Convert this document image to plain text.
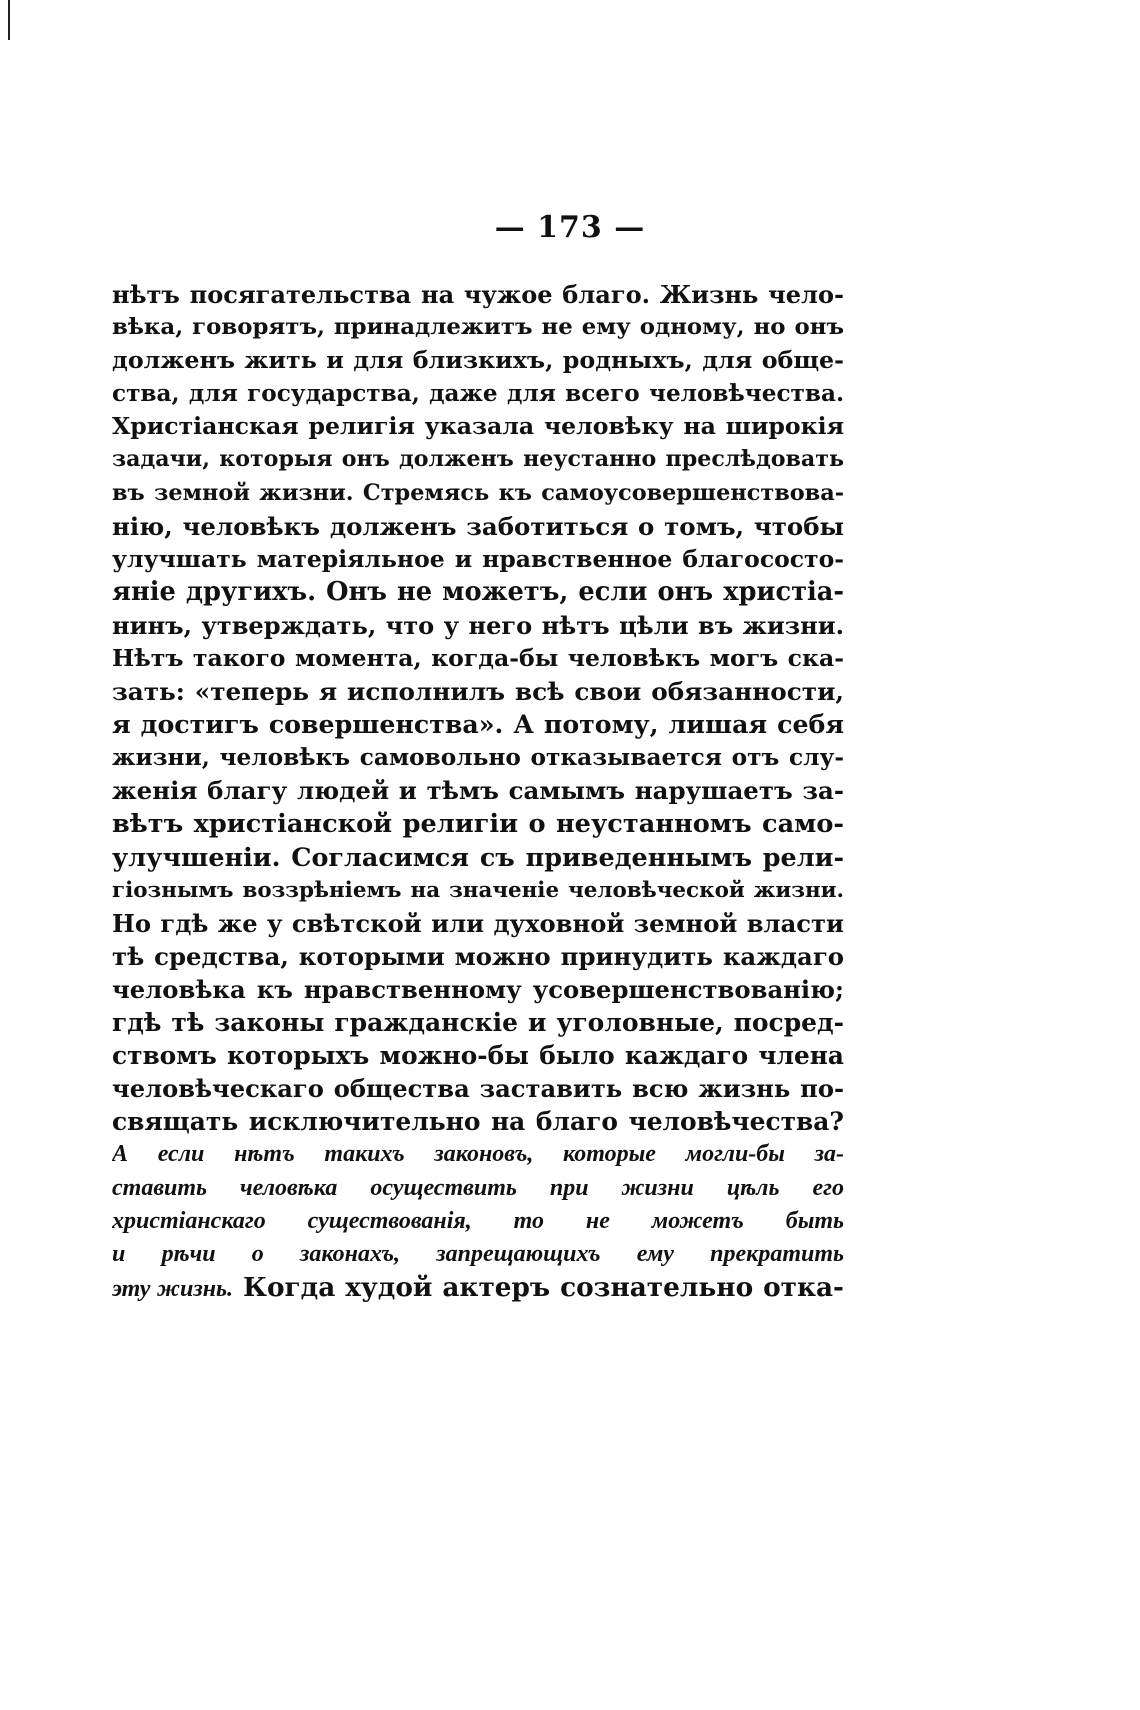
— 173 —
нѣтъ посягательства на чужое благо. Жизнь чело-
вѣка, говорятъ, принадлежитъ не ему одному, но онъ
долженъ жить и для близкихъ, родныхъ, для обще-
ства, для государства, даже для всего человѣчества.
Христіанская религія указала человѣку на широкія
задачи, которыя онъ долженъ неустанно преслѣдовать
въ земной жизни. Стремясь къ самоусовершенствова-
нію, человѣкъ долженъ заботиться о томъ, чтобы
улучшать матеріяльное и нравственное благососто-
яніе другихъ. Онъ не можетъ, если онъ христіа-
нинъ, утверждать, что у него нѣтъ цѣли въ жизни.
Нѣтъ такого момента, когда-бы человѣкъ могъ ска-
зать: «теперь я исполнилъ всѣ свои обязанности,
я достигъ совершенства». А потому, лишая себя
жизни, человѣкъ самовольно отказывается отъ слу-
женія благу людей и тѣмъ самымъ нарушаетъ за-
вѣтъ христіанской религіи о неустанномъ само-
улучшеніи. Согласимся съ приведеннымъ рели-
гіознымъ воззрѣніемъ на значеніе человѣческой жизни.
Но гдѣ же у свѣтской или духовной земной власти
тѣ средства, которыми можно принудить каждаго
человѣка къ нравственному усовершенствованію;
гдѣ тѣ законы гражданскіе и уголовные, посред-
ствомъ которыхъ можно-бы было каждаго члена
человѣческаго общества заставить всю жизнь по-
свящать исключительно на благо человѣчества?
А если нѣтъ такихъ законовъ, которые могли-бы за-
ставить человѣка осуществить при жизни цѣль его
христіанскаго существованія, то не можетъ быть
и рѣчи о законахъ, запрещающихъ ему прекратить
эту жизнь. Когда худой актеръ сознательно отка-
